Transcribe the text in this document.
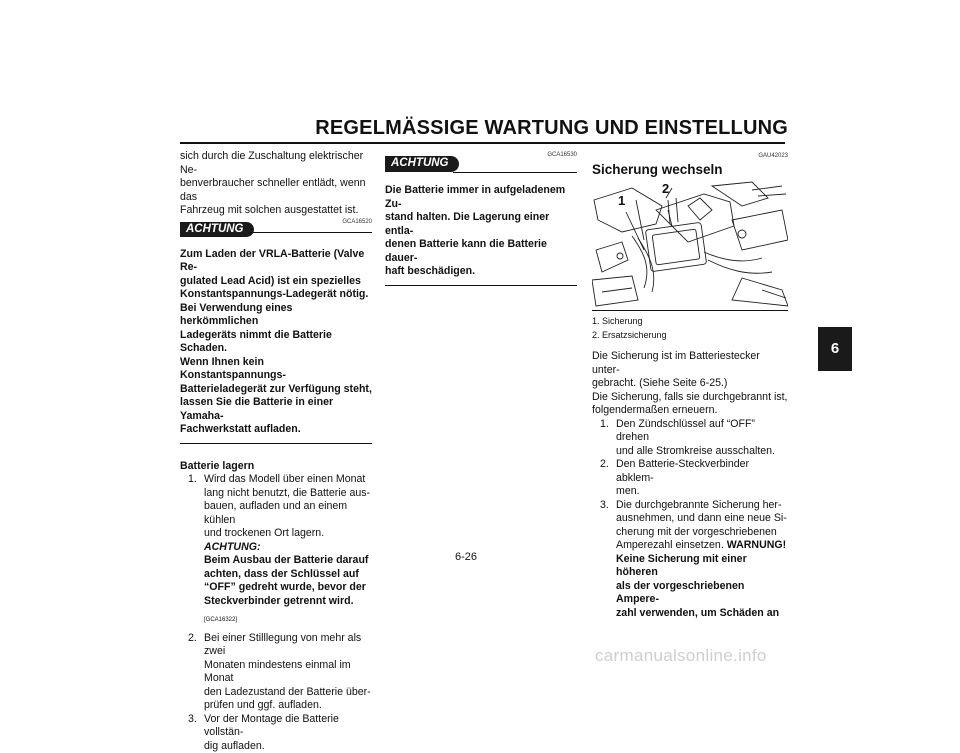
REGELMÄSSIGE WARTUNG UND EINSTELLUNG

sich durch die Zuschaltung elektrischer Ne-

benverbraucher schneller entlädt, wenn das

Fahrzeug mit solchen ausgestattet ist.

ACHTUNG
GCA16520

Zum Laden der VRLA-Batterie (Valve Re-

gulated Lead Acid) ist ein spezielles

Konstantspannungs-Ladegerät nötig.

Bei Verwendung eines herkömmlichen

Ladegeräts nimmt die Batterie Schaden.

Wenn Ihnen kein Konstantspannungs-

Batterieladegerät zur Verfügung steht,

lassen Sie die Batterie in einer Yamaha-

Fachwerkstatt aufladen.

Batterie lagern

1. Wird das Modell über einen Monat

lang nicht benutzt, die Batterie aus-

bauen, aufladen und an einem kühlen

und trockenen Ort lagern. ACHTUNG:

Beim Ausbau der Batterie darauf

achten, dass der Schlüssel auf

“OFF” gedreht wurde, bevor der

Steckverbinder getrennt wird.

[GCA16322]

2. Bei einer Stilllegung von mehr als zwei

Monaten mindestens einmal im Monat

den Ladezustand der Batterie über-

prüfen und ggf. aufladen.

3. Vor der Montage die Batterie vollstän-

dig aufladen.

GCA16530
ACHTUNG

Die Batterie immer in aufgeladenem Zu-

stand halten. Die Lagerung einer entla-

denen Batterie kann die Batterie dauer-

haft beschädigen.

GAU42023

Sicherung wechseln

1
2

1. Sicherung

2. Ersatzsicherung

Die Sicherung ist im Batteriestecker unter-

gebracht. (Siehe Seite 6-25.)

Die Sicherung, falls sie durchgebrannt ist,

folgendermaßen erneuern.

1. Den Zündschlüssel auf “OFF” drehen

und alle Stromkreise ausschalten.

2. Den Batterie-Steckverbinder abklem-

men.

3. Die durchgebrannte Sicherung her-

ausnehmen, und dann eine neue Si-

cherung mit der vorgeschriebenen

Amperezahl einsetzen. WARNUNG!

Keine Sicherung mit einer höheren

als der vorgeschriebenen Ampere-

zahl verwenden, um Schäden an

6
6-26
carmanualsonline.info
